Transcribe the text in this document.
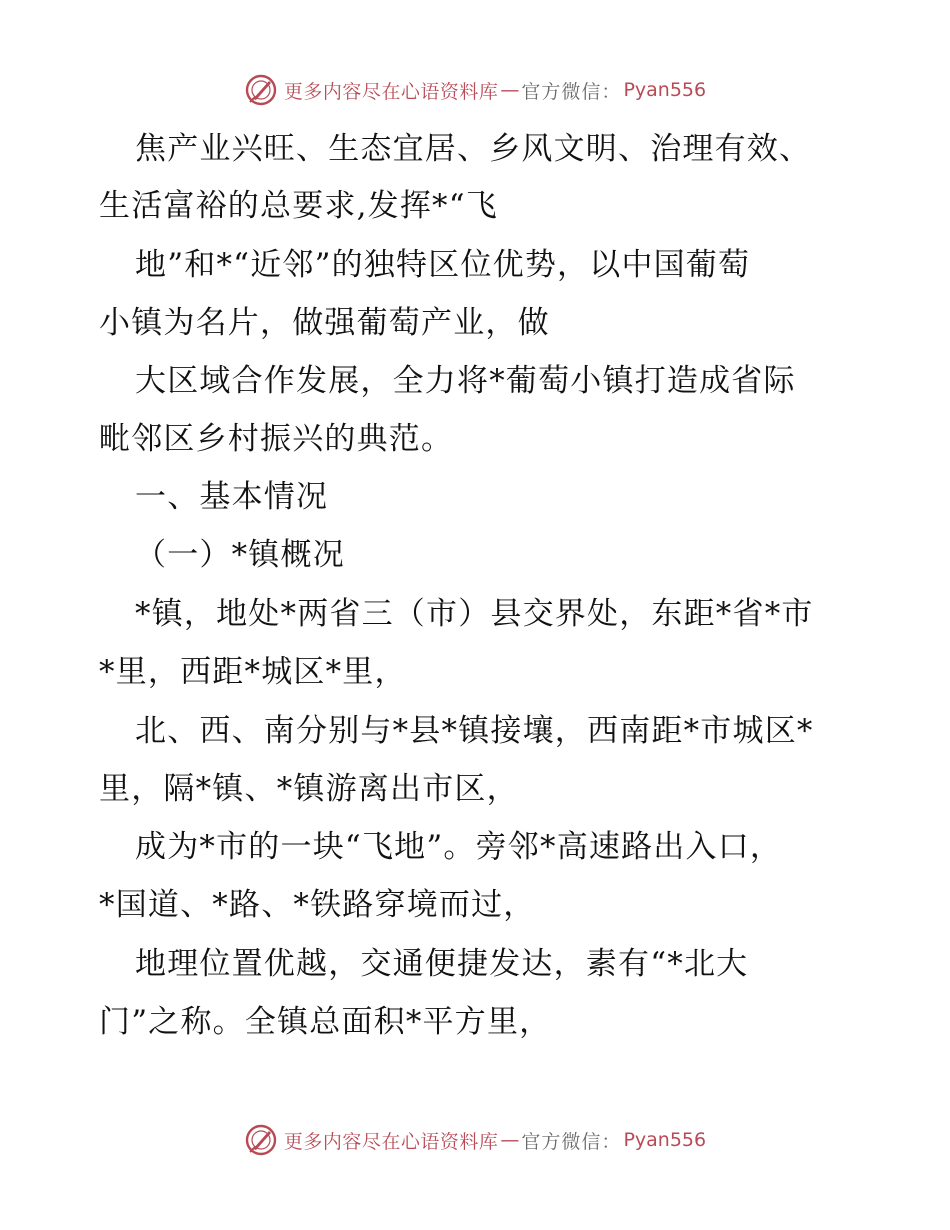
更多内容尽在心语资料库 — 官方微信： Pyan556
焦产业兴旺、生态宜居、乡风文明、治理有效、
生活富裕的总要求,发挥*“飞
地”和*“近邻”的独特区位优势，以中国葡萄
小镇为名片，做强葡萄产业，做
大区域合作发展，全力将*葡萄小镇打造成省际
毗邻区乡村振兴的典范。
一、基本情况
（一）*镇概况
*镇，地处*两省三（市）县交界处，东距*省*市
*里，西距*城区*里，
北、西、南分别与*县*镇接壤，西南距*市城区*
里，隔*镇、*镇游离出市区，
成为*市的一块“飞地”。旁邻*高速路出入口，
*国道、*路、*铁路穿境而过，
地理位置优越，交通便捷发达，素有“*北大
门”之称。全镇总面积*平方里，
更多内容尽在心语资料库 — 官方微信： Pyan556
